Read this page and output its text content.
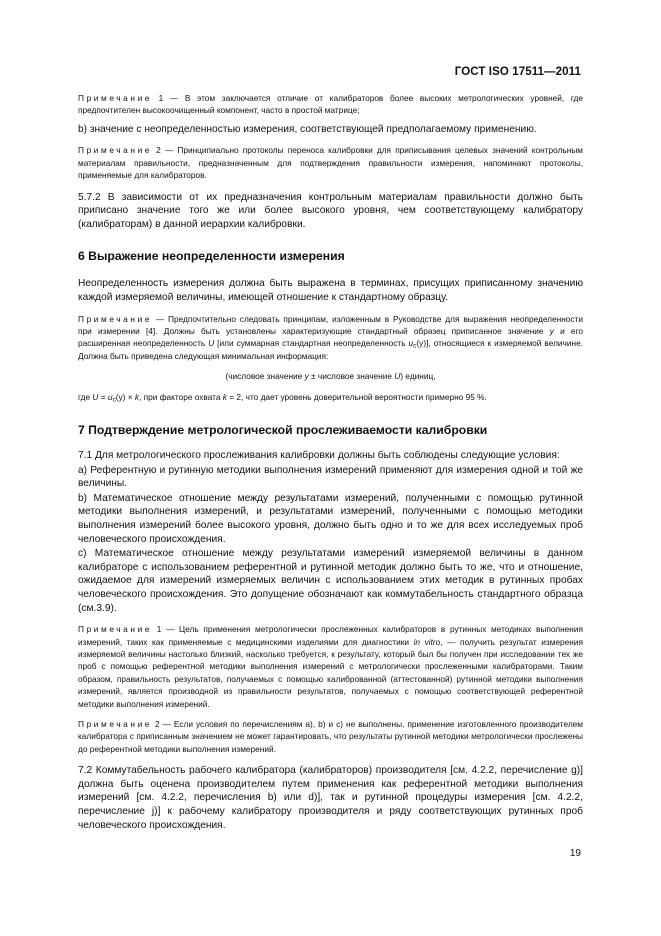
ГОСТ ISO 17511—2011

Примечание 1 — В этом заключается отличие от калибраторов более высоких метрологических уровней, где предпочтителен высокоочищенный компонент, часто в простой матрице;

b) значение с неопределенностью измерения, соответствующей предполагаемому применению.

Примечание 2 — Принципиально протоколы переноса калибровки для приписывания целевых значений контрольным материалам правильности, предназначенным для подтверждения правильности измерения, напоминают протоколы, применяемые для калибраторов.

5.7.2 В зависимости от их предназначения контрольным материалам правильности должно быть приписано значение того же или более высокого уровня, чем соответствующему калибратору (калибраторам) в данной иерархии калибровки.

6 Выражение неопределенности измерения

Неопределенность измерения должна быть выражена в терминах, присущих приписанному значению каждой измеряемой величины, имеющей отношение к стандартному образцу.

Примечание — Предпочтительно следовать принципам, изложенным в Руководстве для выражения неопределенности при измерении [4]. Должны быть установлены характеризующие стандартный образец приписанное значение y и его расширенная неопределенность U [или суммарная стандартная неопределенность $u_c(y)$], относящиеся к измеряемой величине. Должна быть приведена следующая минимальная информация:

(числовое значение y ± числовое значение U) единиц,

где $U = u_c(y) \times k$, при факторе охвата k = 2, что дает уровень доверительной вероятности примерно 95 %.

7 Подтверждение метрологической прослеживаемости калибровки

7.1 Для метрологического прослеживания калибровки должны быть соблюдены следующие условия:

a) Референтную и рутинную методики выполнения измерений применяют для измерения одной и той же величины.

b) Математическое отношение между результатами измерений, полученными с помощью рутинной методики выполнения измерений, и результатами измерений, полученными с помощью методики выполнения измерений более высокого уровня, должно быть одно и то же для всех исследуемых проб человеческого происхождения.

c) Математическое отношение между результатами измерений измеряемой величины в данном калибраторе с использованием референтной и рутинной методик должно быть то же, что и отношение, ожидаемое для измерений измеряемых величин с использованием этих методик в рутинных пробах человеческого происхождения. Это допущение обозначают как коммутабельность стандартного образца (см.3.9).

Примечание 1 — Цель применения метрологически прослеженных калибраторов в рутинных методиках выполнения измерений, таких как применяемые с медицинскими изделиями для диагностики in vitro, — получить результат измерения измеряемой величины настолько близкий, насколько требуется, к результату, который был бы получен при исследовании тех же проб с помощью референтной методики выполнения измерений с метрологически прослеженными калибраторами. Таким образом, правильность результатов, получаемых с помощью калиброванной (аттестованной) рутинной методики выполнения измерений, является производной из правильности результатов, получаемых с помощью соответствующей референтной методики выполнения измерений.

Примечание 2 — Если условия по перечислениям a), b) и c) не выполнены, применение изготовленного производителем калибратора с приписанным значением не может гарантировать, что результаты рутинной методики метрологически прослежены до референтной методики выполнения измерений.

7.2 Коммутабельность рабочего калибратора (калибраторов) производителя [см. 4.2.2, перечисление g)] должна быть оценена производителем путем применения как референтной методики выполнения измерений [см. 4.2.2, перечисления b) или d)], так и рутинной процедуры измерения [см. 4.2.2, перечисление j)] к рабочему калибратору производителя и ряду соответствующих рутинных проб человеческого происхождения.

19
